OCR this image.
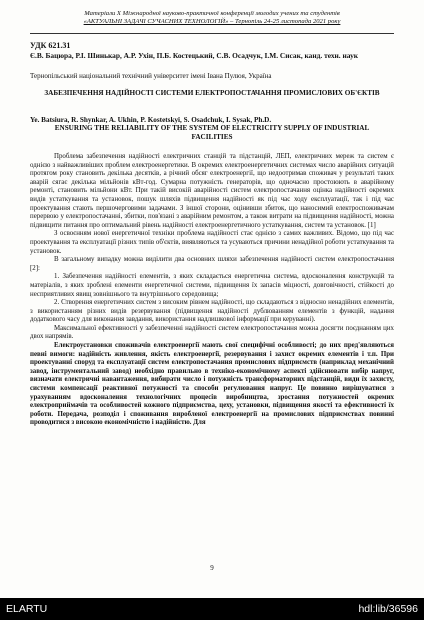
Матеріали Х Міжнародної науково-практичної конференції молодих учених та студентів
«АКТУАЛЬНІ ЗАДАЧІ СУЧАСНИХ ТЕХНОЛОГІЙ» – Тернопіль 24-25 листопада 2021 року
УДК 621.31
Є.В. Бацюра, Р.І. Шинькар, А.Р. Ухін, П.Б. Костецький, С.В. Осадчук, І.М. Сисак, канд. техн. наук
Тернопільський національний технічний університет імені Івана Пулюя, Україна
ЗАБЕЗПЕЧЕННЯ НАДІЙНОСТІ СИСТЕМИ ЕЛЕКТРОПОСТАЧАННЯ ПРОМИСЛОВИХ ОБ'ЄКТІВ
Ye. Batsiura, R. Shynkar, A. Ukhin, P. Kostetskyi, S. Osadchuk, I. Sysak, Ph.D.
ENSURING THE RELIABILITY OF THE SYSTEM OF ELECTRICITY SUPPLY OF INDUSTRIAL FACILITIES

Проблема забезпечення надійності електричних станцій та підстанцій, ЛЕП, електричних мереж та систем є однією з найважливіших проблем електроенергетики. В окремих електроенергетичних системах число аварійних ситуацій протягом року становить декілька десятків, а річний обсяг електроенергії, що недоотримав споживач у результаті таких аварій сягає декілька мільйонів кВт-год. Сумарна потужність генераторів, що одночасно простоюють в аварійному ремонті, становить мільйони кВт. При такій високій аварійності систем електропостачання оцінка надійності окремих видів устаткування та установок, пошук шляхів підвищення надійності як під час ходу експлуатації, так і під час проектування стають першочерговими задачами. З іншої сторони, оцінивши збиток, що наносимий електроспоживачам перервою у електропостачанні, збитки, пов'язані з аварійним ремонтом, а також витрати на підвищення надійності, можна підвищити питання про оптимальний рівень надійності електроенергетичного устаткування, систем та установок. [1]

З освоєнням нової енергетичної техніки проблема надійності стає однією з самих важливих. Відомо, що під час проектування та експлуатації різних типів об'єктів, виявляються та усуваються причини ненадійної роботи устаткування та установок.

В загальному випадку можна виділити два основних шляхи забезпечення надійності систем електропостачання [2]:

1. Забезпечення надійності елементів, з яких складається енергетична система, вдосконалення конструкцій та матеріалів, з яких зроблені елементи енергетичної системи, підвищення їх запасів міцності, довговічності, стійкості до несприятливих явищ зовнішнього та внутрішнього середовища;

2. Створення енергетичних систем з високим рівнем надійності, що складаються з відносно ненадійних елементів, з використанням різних видів резервування (підвищення надійності дублюванням елементів з функцій, надання додаткового часу для виконання завдання, використання надлишкової інформації при керуванні).

Максимальної ефективності у забезпеченні надійності систем електропостачання можна досягти поєднанням цих двох напрямів.

Електроустановки споживачів електроенергії мають свої специфічні особливості; до них пред'являються певні вимоги: надійність живлення, якість електроенергії, резервування і захист окремих елементів і т.п. При проектуванні споруд та експлуатації систем електропостачання промислових підприємств (наприклад механічний завод, інструментальний завод) необхідно правильно в техніко-економічному аспекті здійснювати вибір напруг, визначати електричні навантаження, вибирати число і потужність трансформаторних підстанцій, види їх захисту, системи компенсації реактивної потужності та способи регулювання напруг. Це повинно вирішуватися з урахуванням вдосконалення технологічних процесів виробництва, зростання потужностей окремих електроприймачів та особливостей кожного підприємства, цеху, установки, підвищення якості та ефективності їх роботи. Передача, розподіл і споживання виробленої електроенергії на промислових підприємствах повинні проводитися з високою економічністю і надійністю. Для

9
ELARTU	hdl:lib/36596
